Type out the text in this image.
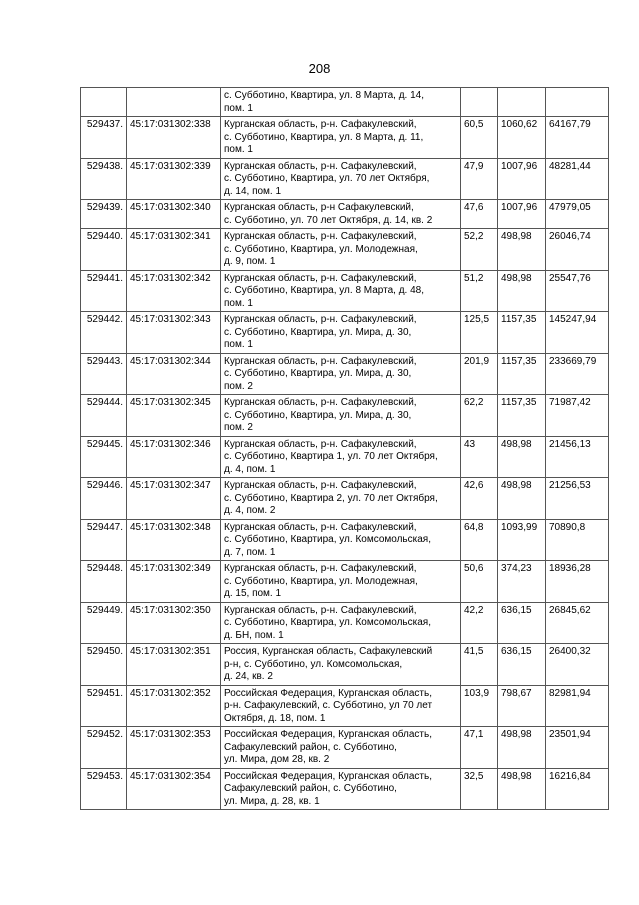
208
		с. Субботино, Квартира, ул. 8 Марта, д. 14,
пом. 1			
529437.	45:17:031302:338	Курганская область, р-н. Сафакулевский,
с. Субботино, Квартира, ул. 8 Марта, д. 11,
пом. 1	60,5	1060,62	64167,79
529438.	45:17:031302:339	Курганская область, р-н. Сафакулевский,
с. Субботино, Квартира, ул. 70 лет Октября,
д. 14, пом. 1	47,9	1007,96	48281,44
529439.	45:17:031302:340	Курганская область, р-н Сафакулевский,
с. Субботино, ул. 70 лет Октября, д. 14, кв. 2	47,6	1007,96	47979,05
529440.	45:17:031302:341	Курганская область, р-н. Сафакулевский,
с. Субботино, Квартира, ул. Молодежная,
д. 9, пом. 1	52,2	498,98	26046,74
529441.	45:17:031302:342	Курганская область, р-н. Сафакулевский,
с. Субботино, Квартира, ул. 8 Марта, д. 48,
пом. 1	51,2	498,98	25547,76
529442.	45:17:031302:343	Курганская область, р-н. Сафакулевский,
с. Субботино, Квартира, ул. Мира, д. 30,
пом. 1	125,5	1157,35	145247,94
529443.	45:17:031302:344	Курганская область, р-н. Сафакулевский,
с. Субботино, Квартира, ул. Мира, д. 30,
пом. 2	201,9	1157,35	233669,79
529444.	45:17:031302:345	Курганская область, р-н. Сафакулевский,
с. Субботино, Квартира, ул. Мира, д. 30,
пом. 2	62,2	1157,35	71987,42
529445.	45:17:031302:346	Курганская область, р-н. Сафакулевский,
с. Субботино, Квартира 1, ул. 70 лет Октября,
д. 4, пом. 1	43	498,98	21456,13
529446.	45:17:031302:347	Курганская область, р-н. Сафакулевский,
с. Субботино, Квартира 2, ул. 70 лет Октября,
д. 4, пом. 2	42,6	498,98	21256,53
529447.	45:17:031302:348	Курганская область, р-н. Сафакулевский,
с. Субботино, Квартира, ул. Комсомольская,
д. 7, пом. 1	64,8	1093,99	70890,8
529448.	45:17:031302:349	Курганская область, р-н. Сафакулевский,
с. Субботино, Квартира, ул. Молодежная,
д. 15, пом. 1	50,6	374,23	18936,28
529449.	45:17:031302:350	Курганская область, р-н. Сафакулевский,
с. Субботино, Квартира, ул. Комсомольская,
д. БН, пом. 1	42,2	636,15	26845,62
529450.	45:17:031302:351	Россия, Курганская область, Сафакулевский
р-н, с. Субботино, ул. Комсомольская,
д. 24, кв. 2	41,5	636,15	26400,32
529451.	45:17:031302:352	Российская Федерация, Курганская область,
р-н. Сафакулевский, с. Субботино, ул 70 лет
Октября, д. 18, пом. 1	103,9	798,67	82981,94
529452.	45:17:031302:353	Российская Федерация, Курганская область,
Сафакулевский район, с. Субботино,
ул. Мира, дом 28, кв. 2	47,1	498,98	23501,94
529453.	45:17:031302:354	Российская Федерация, Курганская область,
Сафакулевский район, с. Субботино,
ул. Мира, д. 28, кв. 1	32,5	498,98	16216,84
